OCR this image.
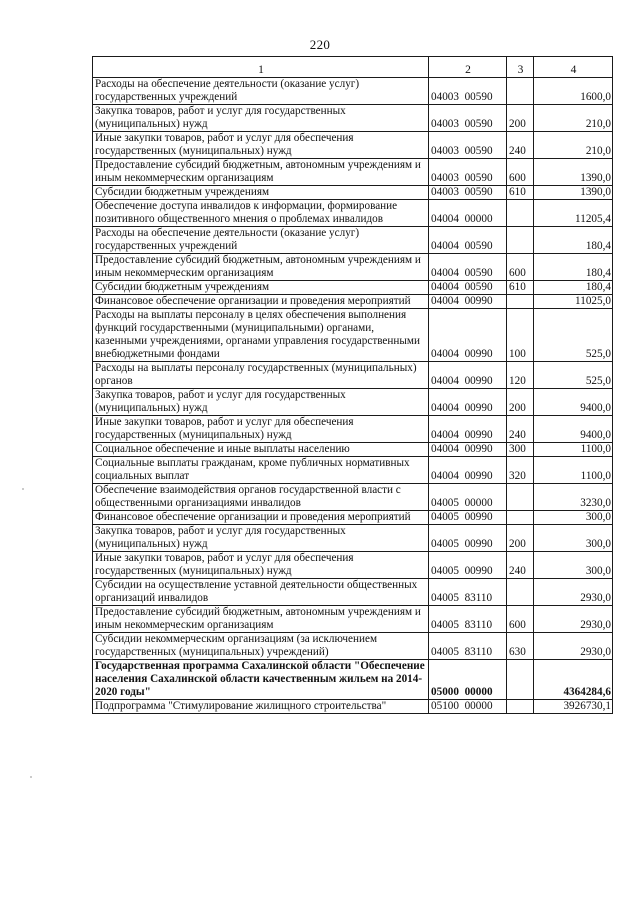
220
1	2	3	4
Расходы на обеспечение деятельности (оказание услуг) государственных учреждений	04003  00590		1600,0
Закупка товаров, работ и услуг для государственных (муниципальных) нужд	04003  00590	200	210,0
Иные закупки товаров, работ и услуг для обеспечения государственных (муниципальных) нужд	04003  00590	240	210,0
Предоставление субсидий бюджетным, автономным учреждениям и иным некоммерческим организациям	04003  00590	600	1390,0
Субсидии бюджетным учреждениям	04003  00590	610	1390,0
Обеспечение доступа инвалидов к информации, формирование позитивного общественного мнения о проблемах инвалидов	04004  00000		11205,4
Расходы на обеспечение деятельности (оказание услуг) государственных учреждений	04004  00590		180,4
Предоставление субсидий бюджетным, автономным учреждениям и иным некоммерческим организациям	04004  00590	600	180,4
Субсидии бюджетным учреждениям	04004  00590	610	180,4
Финансовое обеспечение организации и проведения мероприятий	04004  00990		11025,0
Расходы на выплаты персоналу в целях обеспечения выполнения функций государственными (муниципальными) органами, казенными учреждениями, органами управления государственными внебюджетными фондами	04004  00990	100	525,0
Расходы на выплаты персоналу государственных (муниципальных) органов	04004  00990	120	525,0
Закупка товаров, работ и услуг для государственных (муниципальных) нужд	04004  00990	200	9400,0
Иные закупки товаров, работ и услуг для обеспечения государственных (муниципальных) нужд	04004  00990	240	9400,0
Социальное обеспечение и иные выплаты населению	04004  00990	300	1100,0
Социальные выплаты гражданам, кроме публичных нормативных социальных выплат	04004  00990	320	1100,0
Обеспечение взаимодействия органов государственной власти с общественными организациями инвалидов	04005  00000		3230,0
Финансовое обеспечение организации и проведения мероприятий	04005  00990		300,0
Закупка товаров, работ и услуг для государственных (муниципальных) нужд	04005  00990	200	300,0
Иные закупки товаров, работ и услуг для обеспечения государственных (муниципальных) нужд	04005  00990	240	300,0
Субсидии на осуществление уставной деятельности общественных организаций инвалидов	04005  83110		2930,0
Предоставление субсидий бюджетным, автономным учреждениям и иным некоммерческим организациям	04005  83110	600	2930,0
Субсидии некоммерческим организациям (за исключением государственных (муниципальных) учреждений)	04005  83110	630	2930,0
Государственная программа Сахалинской области "Обеспечение населения Сахалинской области качественным жильем на 2014-2020 годы"	05000  00000		4364284,6
Подпрограмма "Стимулирование жилищного строительства"	05100  00000		3926730,1
